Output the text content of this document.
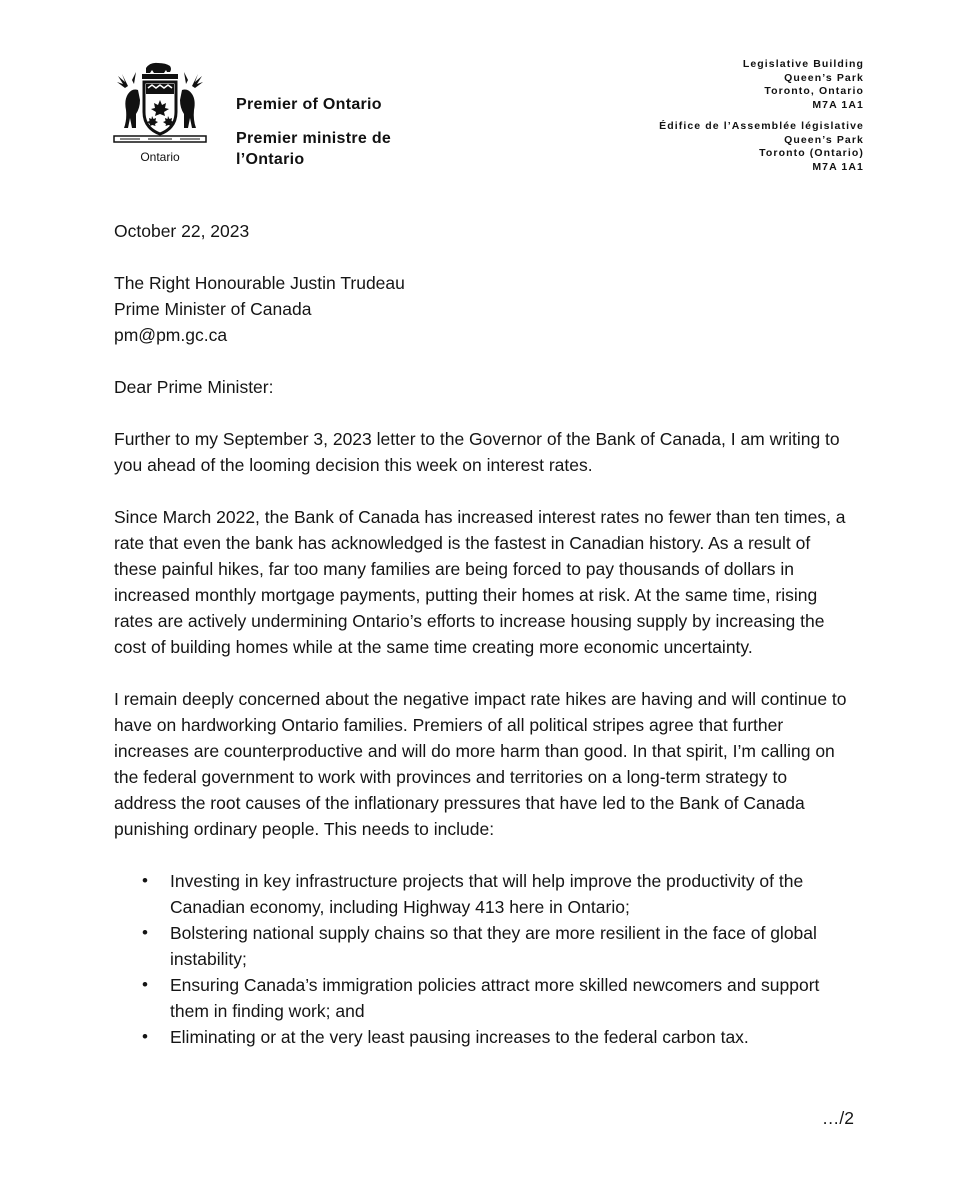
Ontario
Premier of Ontario
Premier ministre de l’Ontario
Legislative Building
Queen’s Park
Toronto, Ontario
M7A 1A1
Édifice de l’Assemblée législative
Queen’s Park
Toronto (Ontario)
M7A 1A1

October 22, 2023

The Right Honourable Justin Trudeau
Prime Minister of Canada
pm@pm.gc.ca

Dear Prime Minister:

Further to my September 3, 2023 letter to the Governor of the Bank of Canada, I am writing to you ahead of the looming decision this week on interest rates.

Since March 2022, the Bank of Canada has increased interest rates no fewer than ten times, a rate that even the bank has acknowledged is the fastest in Canadian history. As a result of these painful hikes, far too many families are being forced to pay thousands of dollars in increased monthly mortgage payments, putting their homes at risk. At the same time, rising rates are actively undermining Ontario’s efforts to increase housing supply by increasing the cost of building homes while at the same time creating more economic uncertainty.

I remain deeply concerned about the negative impact rate hikes are having and will continue to have on hardworking Ontario families. Premiers of all political stripes agree that further increases are counterproductive and will do more harm than good. In that spirit, I’m calling on the federal government to work with provinces and territories on a long-term strategy to address the root causes of the inflationary pressures that have led to the Bank of Canada punishing ordinary people. This needs to include:

• Investing in key infrastructure projects that will help improve the productivity of the Canadian economy, including Highway 413 here in Ontario;
• Bolstering national supply chains so that they are more resilient in the face of global instability;
• Ensuring Canada’s immigration policies attract more skilled newcomers and support them in finding work; and
• Eliminating or at the very least pausing increases to the federal carbon tax.
…/2
